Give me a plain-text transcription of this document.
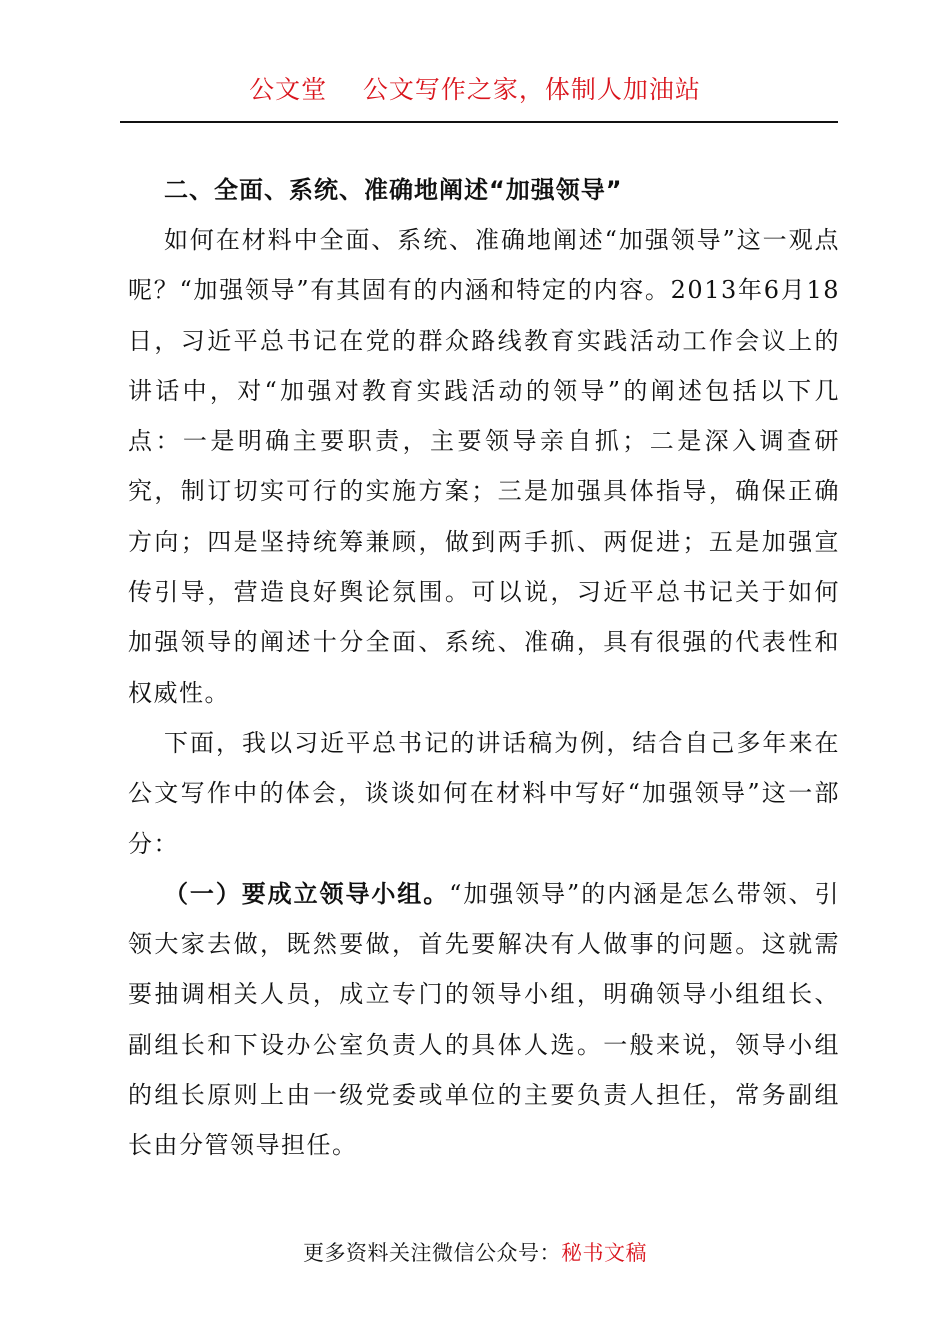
公文堂    公文写作之家，体制人加油站
二、全面、系统、准确地阐述“加强领导”

如何在材料中全面、系统、准确地阐述“加强领导”这一观点呢？“加强领导”有其固有的内涵和特定的内容。2013年6月18日，习近平总书记在党的群众路线教育实践活动工作会议上的讲话中，对“加强对教育实践活动的领导”的阐述包括以下几点：一是明确主要职责，主要领导亲自抓；二是深入调查研究，制订切实可行的实施方案；三是加强具体指导，确保正确方向；四是坚持统筹兼顾，做到两手抓、两促进；五是加强宣传引导，营造良好舆论氛围。可以说，习近平总书记关于如何加强领导的阐述十分全面、系统、准确，具有很强的代表性和权威性。

下面，我以习近平总书记的讲话稿为例，结合自己多年来在公文写作中的体会，谈谈如何在材料中写好“加强领导”这一部分：

（一）要成立领导小组。“加强领导”的内涵是怎么带领、引领大家去做，既然要做，首先要解决有人做事的问题。这就需要抽调相关人员，成立专门的领导小组，明确领导小组组长、副组长和下设办公室负责人的具体人选。一般来说，领导小组的组长原则上由一级党委或单位的主要负责人担任，常务副组长由分管领导担任。

更多资料关注微信公众号：秘书文稿
